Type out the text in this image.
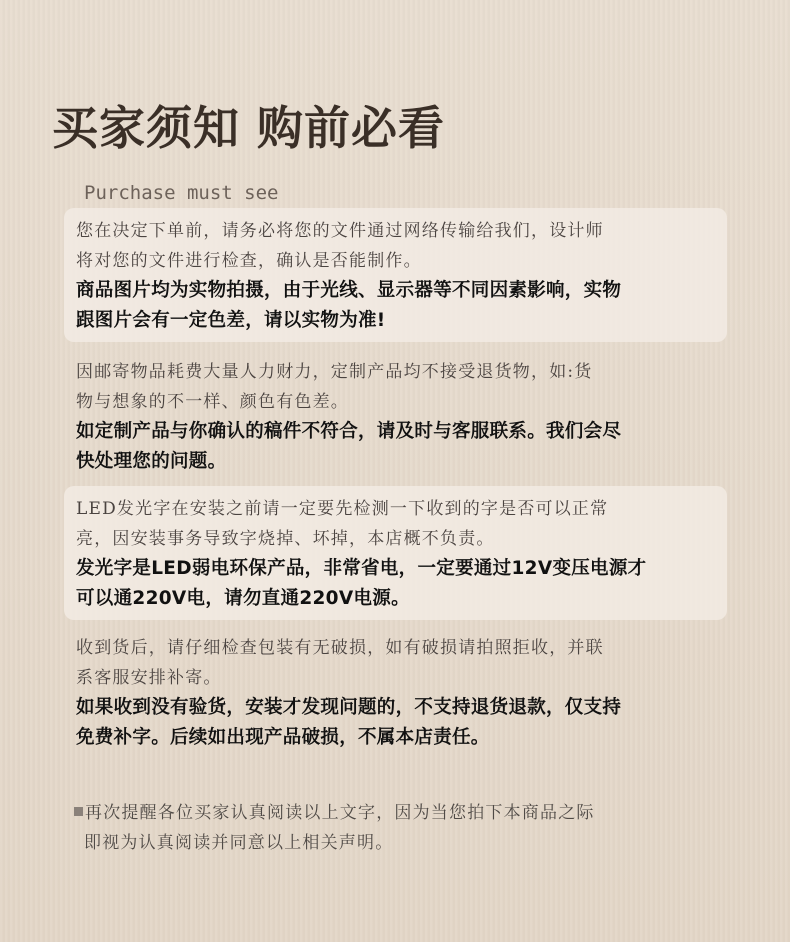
买家须知 购前必看
Purchase must see
您在决定下单前，请务必将您的文件通过网络传输给我们，设计师
将对您的文件进行检查，确认是否能制作。
商品图片均为实物拍摄，由于光线、显示器等不同因素影响，实物
跟图片会有一定色差，请以实物为准!
因邮寄物品耗费大量人力财力，定制产品均不接受退货物，如:货
物与想象的不一样、颜色有色差。
如定制产品与你确认的稿件不符合，请及时与客服联系。我们会尽
快处理您的问题。
LED发光字在安装之前请一定要先检测一下收到的字是否可以正常
亮，因安装事务导致字烧掉、坏掉，本店概不负责。
发光字是LED弱电环保产品，非常省电，一定要通过12V变压电源才
可以通220V电，请勿直通220V电源。
收到货后，请仔细检查包装有无破损，如有破损请拍照拒收，并联
系客服安排补寄。
如果收到没有验货，安装才发现问题的，不支持退货退款，仅支持
免费补字。后续如出现产品破损，不属本店责任。
再次提醒各位买家认真阅读以上文字，因为当您拍下本商品之际
即视为认真阅读并同意以上相关声明。
